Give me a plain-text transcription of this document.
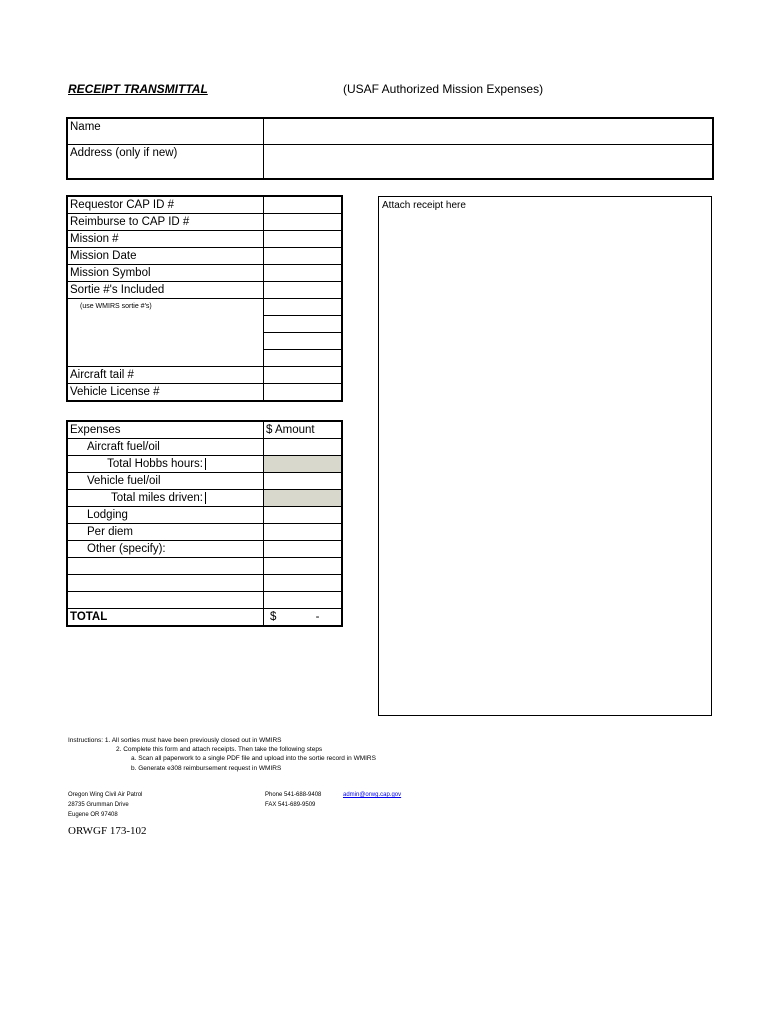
RECEIPT TRANSMITTAL	(USAF Authorized Mission Expenses)
Name	
Address (only if new)	
Requestor CAP ID #	
Reimburse to CAP ID #	
Mission #	
Mission Date	
Mission Symbol	
Sortie #'s Included	
(use WMIRS sortie #'s)	

Aircraft tail #	
Vehicle License #	
Expenses	$ Amount
Aircraft fuel/oil	

Total Hobbs hours:	

Vehicle fuel/oil	

Total miles driven:	

Lodging	
Per diem	
Other (specify):	

TOTAL	$ -
Attach receipt here
Instructions: 1. All sorties must have been previously closed out in WMIRS
2. Complete this form and attach receipts. Then take the following steps
a. Scan all paperwork to a single PDF file and upload into the sortie record in WMIRS
b. Generate e308 reimbursement request in WMIRS
Oregon Wing Civil Air Patrol
28735 Grumman Drive
Eugene OR 97408
Phone 541-688-9408
FAX 541-689-9509
admin@orwg.cap.gov
ORWGF 173-102
